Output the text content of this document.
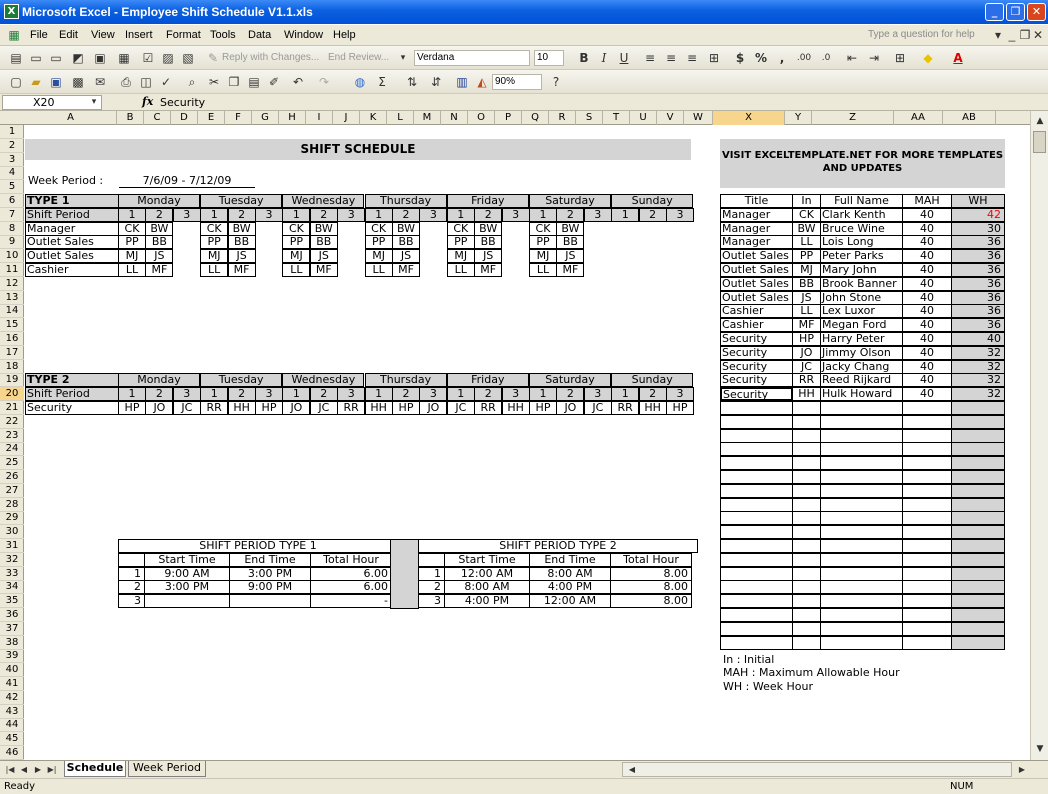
X Microsoft Excel - Employee Shift Schedule V1.1.xls	_	❐	✕
▦ File Edit View Insert Format Tools Data Window Help	Type a question for help	▾ _ ❐ ✕
▤ ▭ ▭ ◩ ▣ ▦ ☑ ▨ ▧ ✎ Reply with Changes... End Review...	▾	Verdana	10	B	I	U	≡ ≡ ≡ ⊞	$ %	,	.00	.0	⇤ ⇥ ⊞ ◆ A
▢ ▰ ▣ ▩ ✉ ⎙ ◫ ✓	⌕	✂ ❐ ▤ ✐ ↶ ↷ ◍	Σ	⇅ ⇵ ▥ ◭ 90%	?
X20	▾	fx Security
A	B	C	D	E	F	G	H	I	J	K	L	M	N	O	P	Q	R	S	T	U	V	W	X	Y	Z	AA	AB
1
2
3
4
5
6
7
8
9
10
11
12
13
14
15
16
17
18
19
20
21
22
23
24
25
26
27
28
29
30
31
32
33
34
35
36
37
38
39
40
41
42
43
44
45
46
SHIFT SCHEDULE
Week Period :	7/6/09 - 7/12/09
TYPE 1	Monday	Tuesday	Wednesday	Thursday	Friday	Saturday	Sunday
Shift Period	1	2	3	1	2	3	1	2	3	1	2	3	1	2	3	1	2	3	1	2	3
Manager	CK BW	CK BW	CK BW	CK BW	CK BW	CK BW
Outlet Sales	PP	BB	PP	BB	PP	BB	PP	BB	PP	BB	PP	BB
Outlet Sales	MJ	JS	MJ	JS	MJ	JS	MJ	JS	MJ	JS	MJ	JS
Cashier	LL	MF	LL	MF	LL	MF	LL	MF	LL	MF	LL	MF
TYPE 2	Monday	Tuesday	Wednesday	Thursday	Friday	Saturday	Sunday
Shift Period	1	2	3	1	2	3	1	2	3	1	2	3	1	2	3	1	2	3	1	2	3
Security	HP	JO	JC	RR	HH	HP	JO	JC	RR	HH	HP	JO	JC	RR	HH	HP	JO	JC	RR	HH	HP
SHIFT PERIOD TYPE 1
Start Time	End Time	Total Hour
1	9:00 AM	3:00 PM	6.00
2	3:00 PM	9:00 PM	6.00
3	-
SHIFT PERIOD TYPE 2
Start Time	End Time	Total Hour
1	12:00 AM	8:00 AM	8.00
2	8:00 AM	4:00 PM	8.00
3	4:00 PM	12:00 AM	8.00
VISIT EXCELTEMPLATE.NET FOR MORE TEMPLATES AND UPDATES
Title	In	Full Name	MAH	WH
Manager	CK Clark Kenth	40	42
Manager	BW Bruce Wine	40	30
Manager	LL Lois Long	40	36
Outlet Sales	PP Peter Parks	40	36
Outlet Sales	MJ Mary John	40	36
Outlet Sales BB Brook Banner	40	36
Outlet Sales	JS John Stone	40	36
Cashier	LL Lex Luxor	40	36
Cashier	MF Megan Ford	40	36
Security	HP Harry Peter	40	40
Security	JO Jimmy Olson	40	32
Security	JC Jacky Chang	40	32
Security	RR Reed Rijkard	40	32
Security	HH Hulk Howard	40	32
In : Initial
MAH : Maximum Allowable Hour
WH : Week Hour
▲
▼
|◀ ◀ ▶ ▶| Schedule Week Period	◀	▶
Ready	NUM
